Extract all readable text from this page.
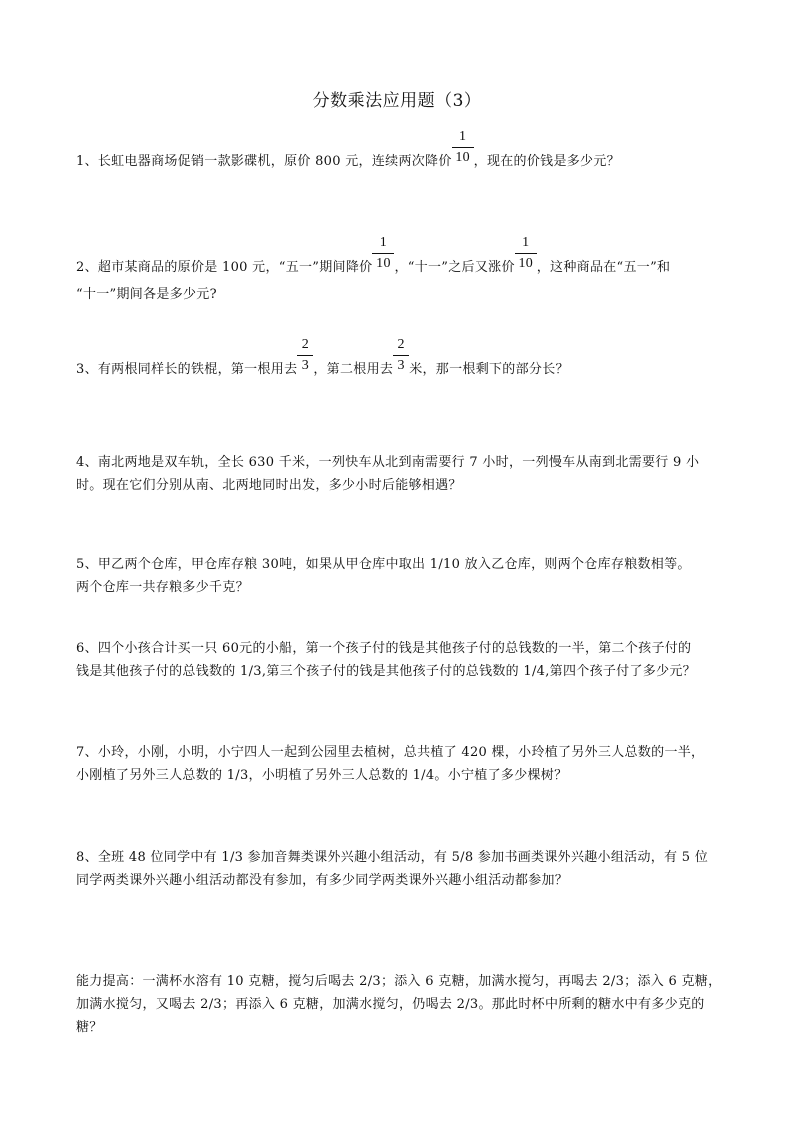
分数乘法应用题（3）
1、长虹电器商场促销一款影碟机，原价 800 元，连续两次降价 $\frac{1}{10}$ ，现在的价钱是多少元？
2、超市某商品的原价是 100 元，“五一”期间降价 $\frac{1}{10}$ ，“十一”之后又涨价 $\frac{1}{10}$ ，这种商品在“五一”和
“十一”期间各是多少元?
3、有两根同样长的铁棍，第一根用去 $\frac{2}{3}$ ，第二根用去 $\frac{2}{3}$ 米，那一根剩下的部分长？
4、南北两地是双车轨，全长 630 千米，一列快车从北到南需要行 7 小时，一列慢车从南到北需要行 9 小
时。现在它们分别从南、北两地同时出发，多少小时后能够相遇？
5、甲乙两个仓库，甲仓库存粮 30吨，如果从甲仓库中取出 1/10 放入乙仓库，则两个仓库存粮数相等。
两个仓库一共存粮多少千克？
6、四个小孩合计买一只 60元的小船，第一个孩子付的钱是其他孩子付的总钱数的一半，第二个孩子付的
钱是其他孩子付的总钱数的 1/3,第三个孩子付的钱是其他孩子付的总钱数的 1/4,第四个孩子付了多少元？
7、小玲，小刚，小明，小宁四人一起到公园里去植树，总共植了 420 棵，小玲植了另外三人总数的一半，
小刚植了另外三人总数的 1/3，小明植了另外三人总数的 1/4。小宁植了多少棵树？
8、全班 48 位同学中有 1/3 参加音舞类课外兴趣小组活动，有 5/8 参加书画类课外兴趣小组活动，有 5 位
同学两类课外兴趣小组活动都没有参加，有多少同学两类课外兴趣小组活动都参加？
能力提高：一满杯水溶有 10 克糖，搅匀后喝去 2/3；添入 6 克糖，加满水搅匀，再喝去 2/3；添入 6 克糖，
加满水搅匀，又喝去 2/3；再添入 6 克糖，加满水搅匀，仍喝去 2/3。那此时杯中所剩的糖水中有多少克的
糖？
